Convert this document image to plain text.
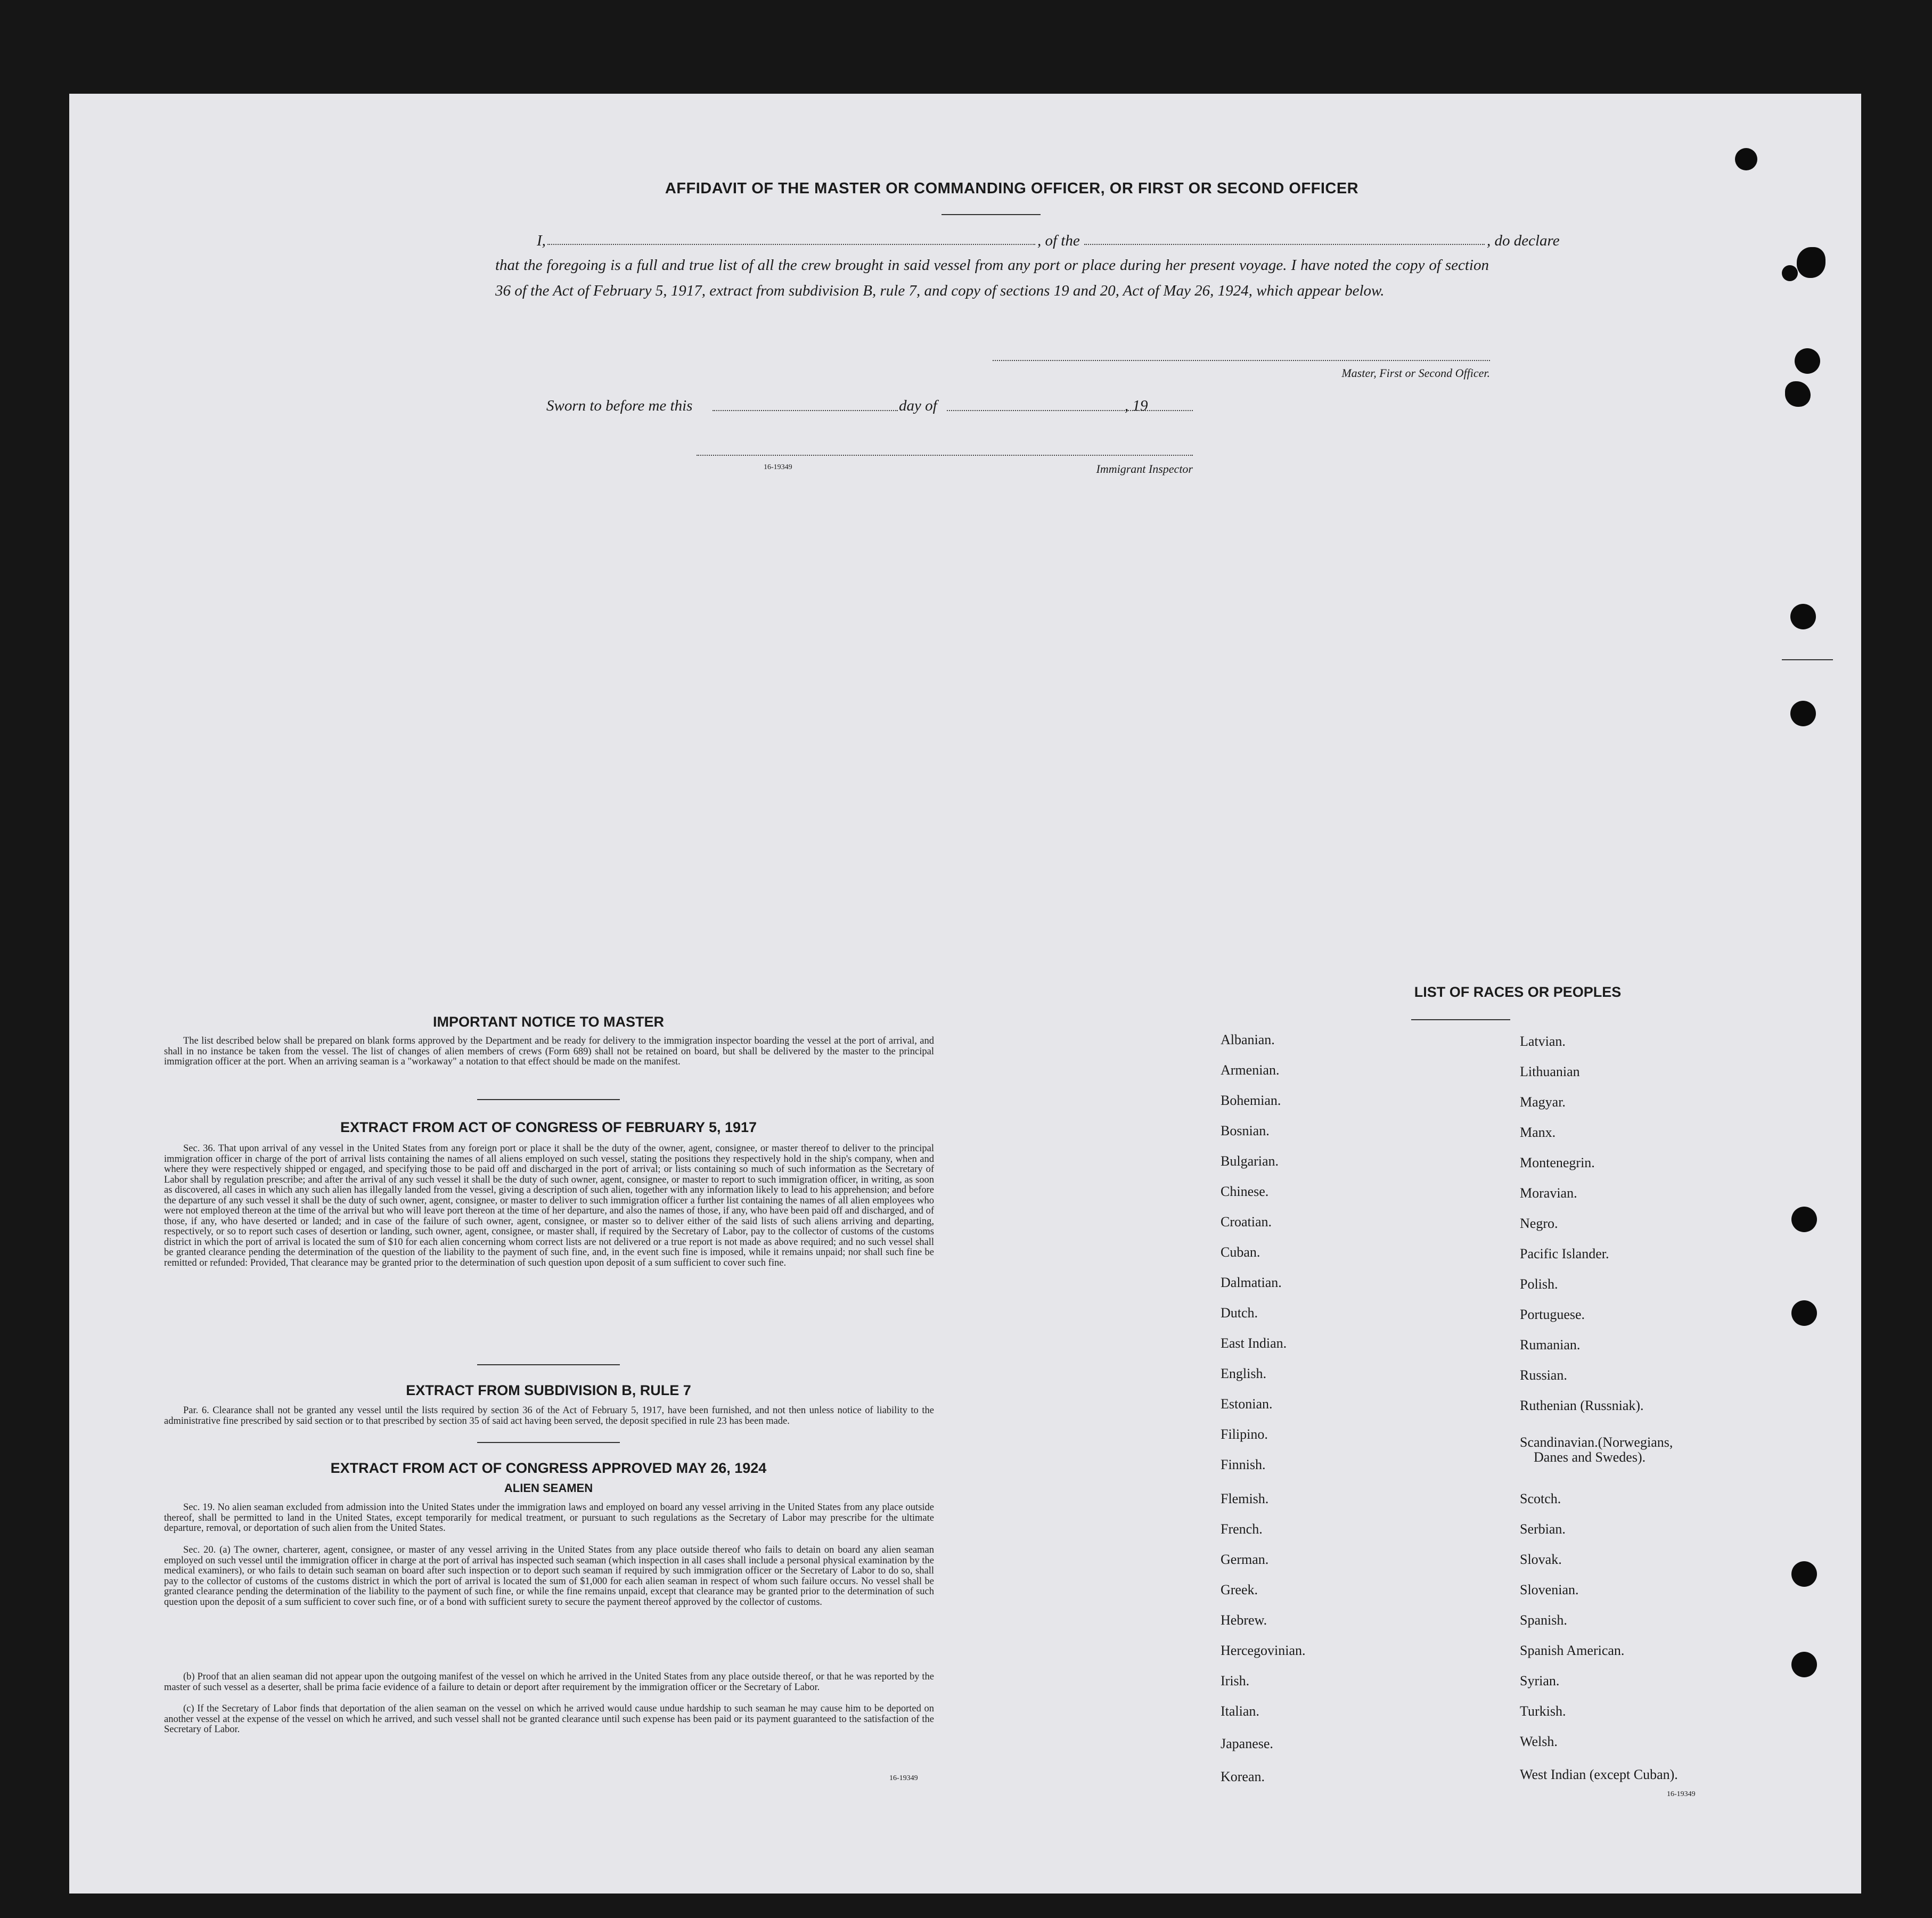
AFFIDAVIT OF THE MASTER OR COMMANDING OFFICER, OR FIRST OR SECOND OFFICER
I,	, of the	, do declare
that the foregoing is a full and true list of all the crew brought in said vessel from any port or place during her present voyage. I have noted the copy of section 36 of the Act of February 5, 1917, extract from subdivision B, rule 7, and copy of sections 19 and 20, Act of May 26, 1924, which appear below.
Master, First or Second Officer.
Sworn to before me this	day of	, 19
16-19349	Immigrant Inspector
IMPORTANT NOTICE TO MASTER
The list described below shall be prepared on blank forms approved by the Department and be ready for delivery to the immigration inspector boarding the vessel at the port of arrival, and shall in no instance be taken from the vessel. The list of changes of alien members of crews (Form 689) shall not be retained on board, but shall be delivered by the master to the principal immigration officer at the port. When an arriving seaman is a "workaway" a notation to that effect should be made on the manifest.
EXTRACT FROM ACT OF CONGRESS OF FEBRUARY 5, 1917
Sec. 36. That upon arrival of any vessel in the United States from any foreign port or place it shall be the duty of the owner, agent, consignee, or master thereof to deliver to the principal immigration officer in charge of the port of arrival lists containing the names of all aliens employed on such vessel, stating the positions they respectively hold in the ship's company, when and where they were respectively shipped or engaged, and specifying those to be paid off and discharged in the port of arrival; or lists containing so much of such information as the Secretary of Labor shall by regulation prescribe; and after the arrival of any such vessel it shall be the duty of such owner, agent, consignee, or master to report to such immigration officer, in writing, as soon as discovered, all cases in which any such alien has illegally landed from the vessel, giving a description of such alien, together with any information likely to lead to his apprehension; and before the departure of any such vessel it shall be the duty of such owner, agent, consignee, or master to deliver to such immigration officer a further list containing the names of all alien employees who were not employed thereon at the time of the arrival but who will leave port thereon at the time of her departure, and also the names of those, if any, who have been paid off and discharged, and of those, if any, who have deserted or landed; and in case of the failure of such owner, agent, consignee, or master so to deliver either of the said lists of such aliens arriving and departing, respectively, or so to report such cases of desertion or landing, such owner, agent, consignee, or master shall, if required by the Secretary of Labor, pay to the collector of customs of the customs district in which the port of arrival is located the sum of $10 for each alien concerning whom correct lists are not delivered or a true report is not made as above required; and no such vessel shall be granted clearance pending the determination of the question of the liability to the payment of such fine, and, in the event such fine is imposed, while it remains unpaid; nor shall such fine be remitted or refunded: Provided, That clearance may be granted prior to the determination of such question upon deposit of a sum sufficient to cover such fine.
EXTRACT FROM SUBDIVISION B, RULE 7
Par. 6. Clearance shall not be granted any vessel until the lists required by section 36 of the Act of February 5, 1917, have been furnished, and not then unless notice of liability to the administrative fine prescribed by said section or to that prescribed by section 35 of said act having been served, the deposit specified in rule 23 has been made.
EXTRACT FROM ACT OF CONGRESS APPROVED MAY 26, 1924
ALIEN SEAMEN
Sec. 19. No alien seaman excluded from admission into the United States under the immigration laws and employed on board any vessel arriving in the United States from any place outside thereof, shall be permitted to land in the United States, except temporarily for medical treatment, or pursuant to such regulations as the Secretary of Labor may prescribe for the ultimate departure, removal, or deportation of such alien from the United States.
Sec. 20. (a) The owner, charterer, agent, consignee, or master of any vessel arriving in the United States from any place outside thereof who fails to detain on board any alien seaman employed on such vessel until the immigration officer in charge at the port of arrival has inspected such seaman (which inspection in all cases shall include a personal physical examination by the medical examiners), or who fails to detain such seaman on board after such inspection or to deport such seaman if required by such immigration officer or the Secretary of Labor to do so, shall pay to the collector of customs of the customs district in which the port of arrival is located the sum of $1,000 for each alien seaman in respect of whom such failure occurs. No vessel shall be granted clearance pending the determination of the liability to the payment of such fine, or while the fine remains unpaid, except that clearance may be granted prior to the determination of such question upon the deposit of a sum sufficient to cover such fine, or of a bond with sufficient surety to secure the payment thereof approved by the collector of customs.
(b) Proof that an alien seaman did not appear upon the outgoing manifest of the vessel on which he arrived in the United States from any place outside thereof, or that he was reported by the master of such vessel as a deserter, shall be prima facie evidence of a failure to detain or deport after requirement by the immigration officer or the Secretary of Labor.
(c) If the Secretary of Labor finds that deportation of the alien seaman on the vessel on which he arrived would cause undue hardship to such seaman he may cause him to be deported on another vessel at the expense of the vessel on which he arrived, and such vessel shall not be granted clearance until such expense has been paid or its payment guaranteed to the satisfaction of the Secretary of Labor.
16-19349
LIST OF RACES OR PEOPLES
Albanian.
Armenian.
Bohemian.
Bosnian.
Bulgarian.
Chinese.
Croatian.
Cuban.
Dalmatian.
Dutch.
East Indian.
English.
Estonian.
Filipino.
Finnish.
Flemish.
French.
German.
Greek.
Hebrew.
Hercegovinian.
Irish.
Italian.
Japanese.
Korean.
Latvian.
Lithuanian
Magyar.
Manx.
Montenegrin.
Moravian.
Negro.
Pacific Islander.
Polish.
Portuguese.
Rumanian.
Russian.
Ruthenian (Russniak).
Scandinavian.(Norwegians,
Danes and Swedes).
Scotch.
Serbian.
Slovak.
Slovenian.
Spanish.
Spanish American.
Syrian.
Turkish.
Welsh.
West Indian (except Cuban).
16-19349
